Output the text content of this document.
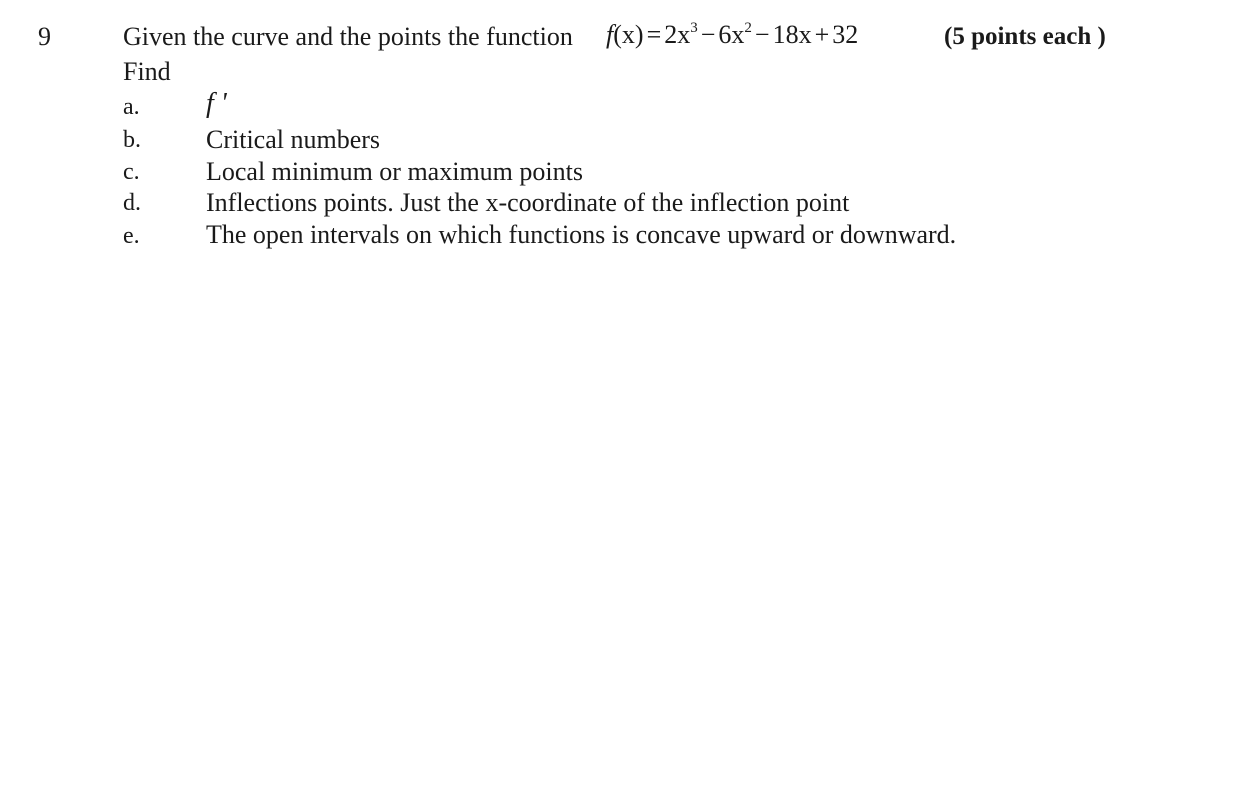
9	Given the curve and the points the function $f(x) = 2x^3 - 6x^2 - 18x + 32$	(5 points each )
Find
a. f '
b.	Critical numbers
c.	Local minimum or maximum points
d.	Inflections points. Just the x-coordinate of the inflection point
e.	The open intervals on which functions is concave upward or downward.
